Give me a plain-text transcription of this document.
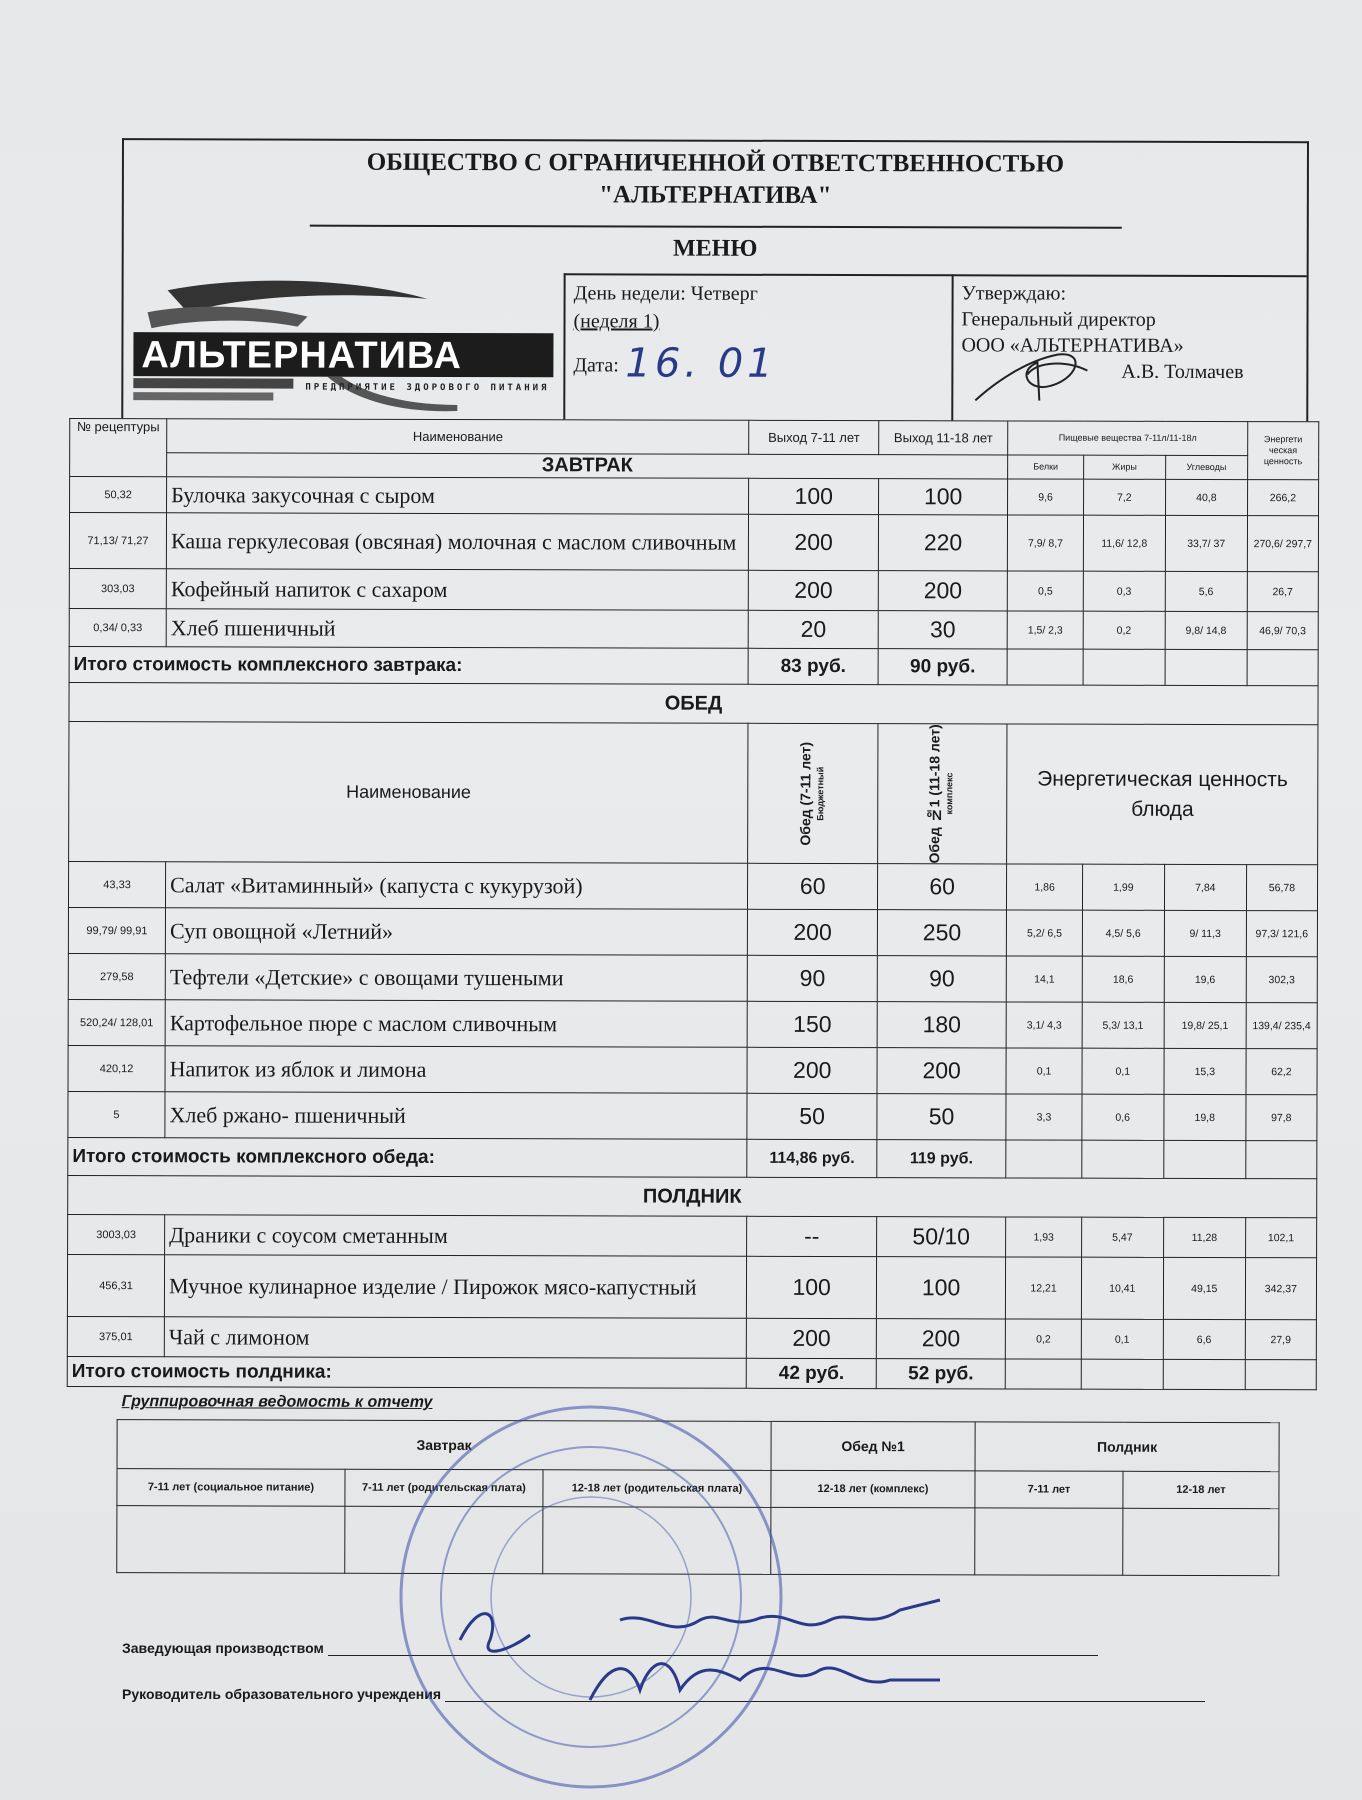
ОБЩЕСТВО С ОГРАНИЧЕННОЙ ОТВЕТСТВЕННОСТЬЮ
"АЛЬТЕРНАТИВА"
МЕНЮ
АЛЬТЕРНАТИВА
ПРЕДПРИЯТИЕ ЗДОРОВОГО ПИТАНИЯ
День недели: Четверг
(неделя 1)
Дата: 16. 01
Утверждаю:
Генеральный директор
ООО «АЛЬТЕРНАТИВА»
А.В. Толмачев
№ рецептуры	Наименование	Выход 7-11 лет	Выход 11-18 лет	Пищевые вещества 7-11л/11-18л			Энергети ческая ценность
	ЗАВТРАК			Белки	Жиры	Углеводы	
50,32	Булочка закусочная с сыром	100	100	9,6	7,2	40,8	266,2
71,13/ 71,27	Каша геркулесовая (овсяная) молочная с маслом сливочным	200	220	7,9/ 8,7	11,6/ 12,8	33,7/ 37	270,6/ 297,7
303,03	Кофейный напиток с сахаром	200	200	0,5	0,3	5,6	26,7
0,34/ 0,33	Хлеб пшеничный	20	30	1,5/ 2,3	0,2	9,8/ 14,8	46,9/ 70,3
Итого стоимость комплексного завтрака:		83 руб.	90 руб.				
ОБЕД							
Наименование		Обед (7-11 лет) Бюджетный	Обед №1 (11-18 лет) комплекс	Энергетическая ценность блюда			
43,33	Салат «Витаминный» (капуста с кукурузой)	60	60	1,86	1,99	7,84	56,78
99,79/ 99,91	Суп овощной «Летний»	200	250	5,2/ 6,5	4,5/ 5,6	9/ 11,3	97,3/ 121,6
279,58	Тефтели «Детские» с овощами тушеными	90	90	14,1	18,6	19,6	302,3
520,24/ 128,01	Картофельное пюре с маслом сливочным	150	180	3,1/ 4,3	5,3/ 13,1	19,8/ 25,1	139,4/ 235,4
420,12	Напиток из яблок и лимона	200	200	0,1	0,1	15,3	62,2
5	Хлеб ржано- пшеничный	50	50	3,3	0,6	19,8	97,8
Итого стоимость комплексного обеда:		114,86 руб.	119 руб.				
ПОЛДНИК							
3003,03	Драники с соусом сметанным	--	50/10	1,93	5,47	11,28	102,1
456,31	Мучное кулинарное изделие / Пирожок мясо-капустный	100	100	12,21	10,41	49,15	342,37
375,01	Чай с лимоном	200	200	0,2	0,1	6,6	27,9
Итого стоимость полдника:		42 руб.	52 руб.				
Группировочная ведомость к отчету
Завтрак			Обед №1	Полдник	
7-11 лет (социальное питание)	7-11 лет (родительская плата)	12-18 лет (родительская плата)	12-18 лет (комплекс)	7-11 лет	12-18 лет

Заведующая производством
Руководитель образовательного учреждения
